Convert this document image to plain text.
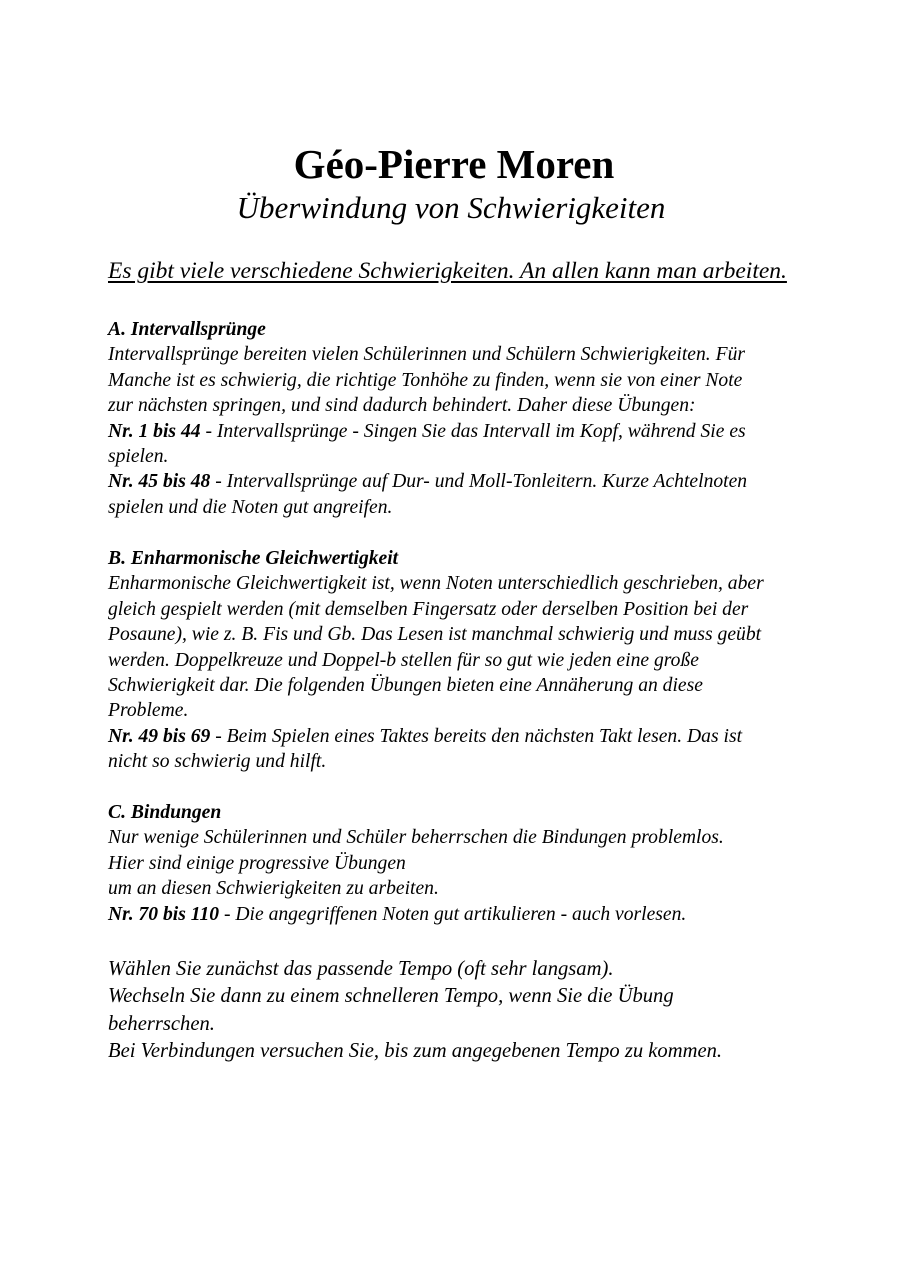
Géo-Pierre Moren
Überwindung von Schwierigkeiten
Es gibt viele verschiedene Schwierigkeiten. An allen kann man arbeiten.
A. Intervallsprünge
Intervallsprünge bereiten vielen Schülerinnen und Schülern Schwierigkeiten. Für
Manche ist es schwierig, die richtige Tonhöhe zu finden, wenn sie von einer Note
zur nächsten springen, und sind dadurch behindert. Daher diese Übungen:
Nr. 1 bis 44 - Intervallsprünge - Singen Sie das Intervall im Kopf, während Sie es
spielen.
Nr. 45 bis 48 - Intervallsprünge auf Dur- und Moll-Tonleitern. Kurze Achtelnoten
spielen und die Noten gut angreifen.
B. Enharmonische Gleichwertigkeit
Enharmonische Gleichwertigkeit ist, wenn Noten unterschiedlich geschrieben, aber
gleich gespielt werden (mit demselben Fingersatz oder derselben Position bei der
Posaune), wie z. B. Fis und Gb. Das Lesen ist manchmal schwierig und muss geübt
werden. Doppelkreuze und Doppel-b stellen für so gut wie jeden eine große
Schwierigkeit dar. Die folgenden Übungen bieten eine Annäherung an diese
Probleme.
Nr. 49 bis 69 - Beim Spielen eines Taktes bereits den nächsten Takt lesen. Das ist
nicht so schwierig und hilft.
C. Bindungen
Nur wenige Schülerinnen und Schüler beherrschen die Bindungen problemlos.
Hier sind einige progressive Übungen
um an diesen Schwierigkeiten zu arbeiten.
Nr. 70 bis 110 - Die angegriffenen Noten gut artikulieren - auch vorlesen.
Wählen Sie zunächst das passende Tempo (oft sehr langsam).
Wechseln Sie dann zu einem schnelleren Tempo, wenn Sie die Übung
beherrschen.
Bei Verbindungen versuchen Sie, bis zum angegebenen Tempo zu kommen.
